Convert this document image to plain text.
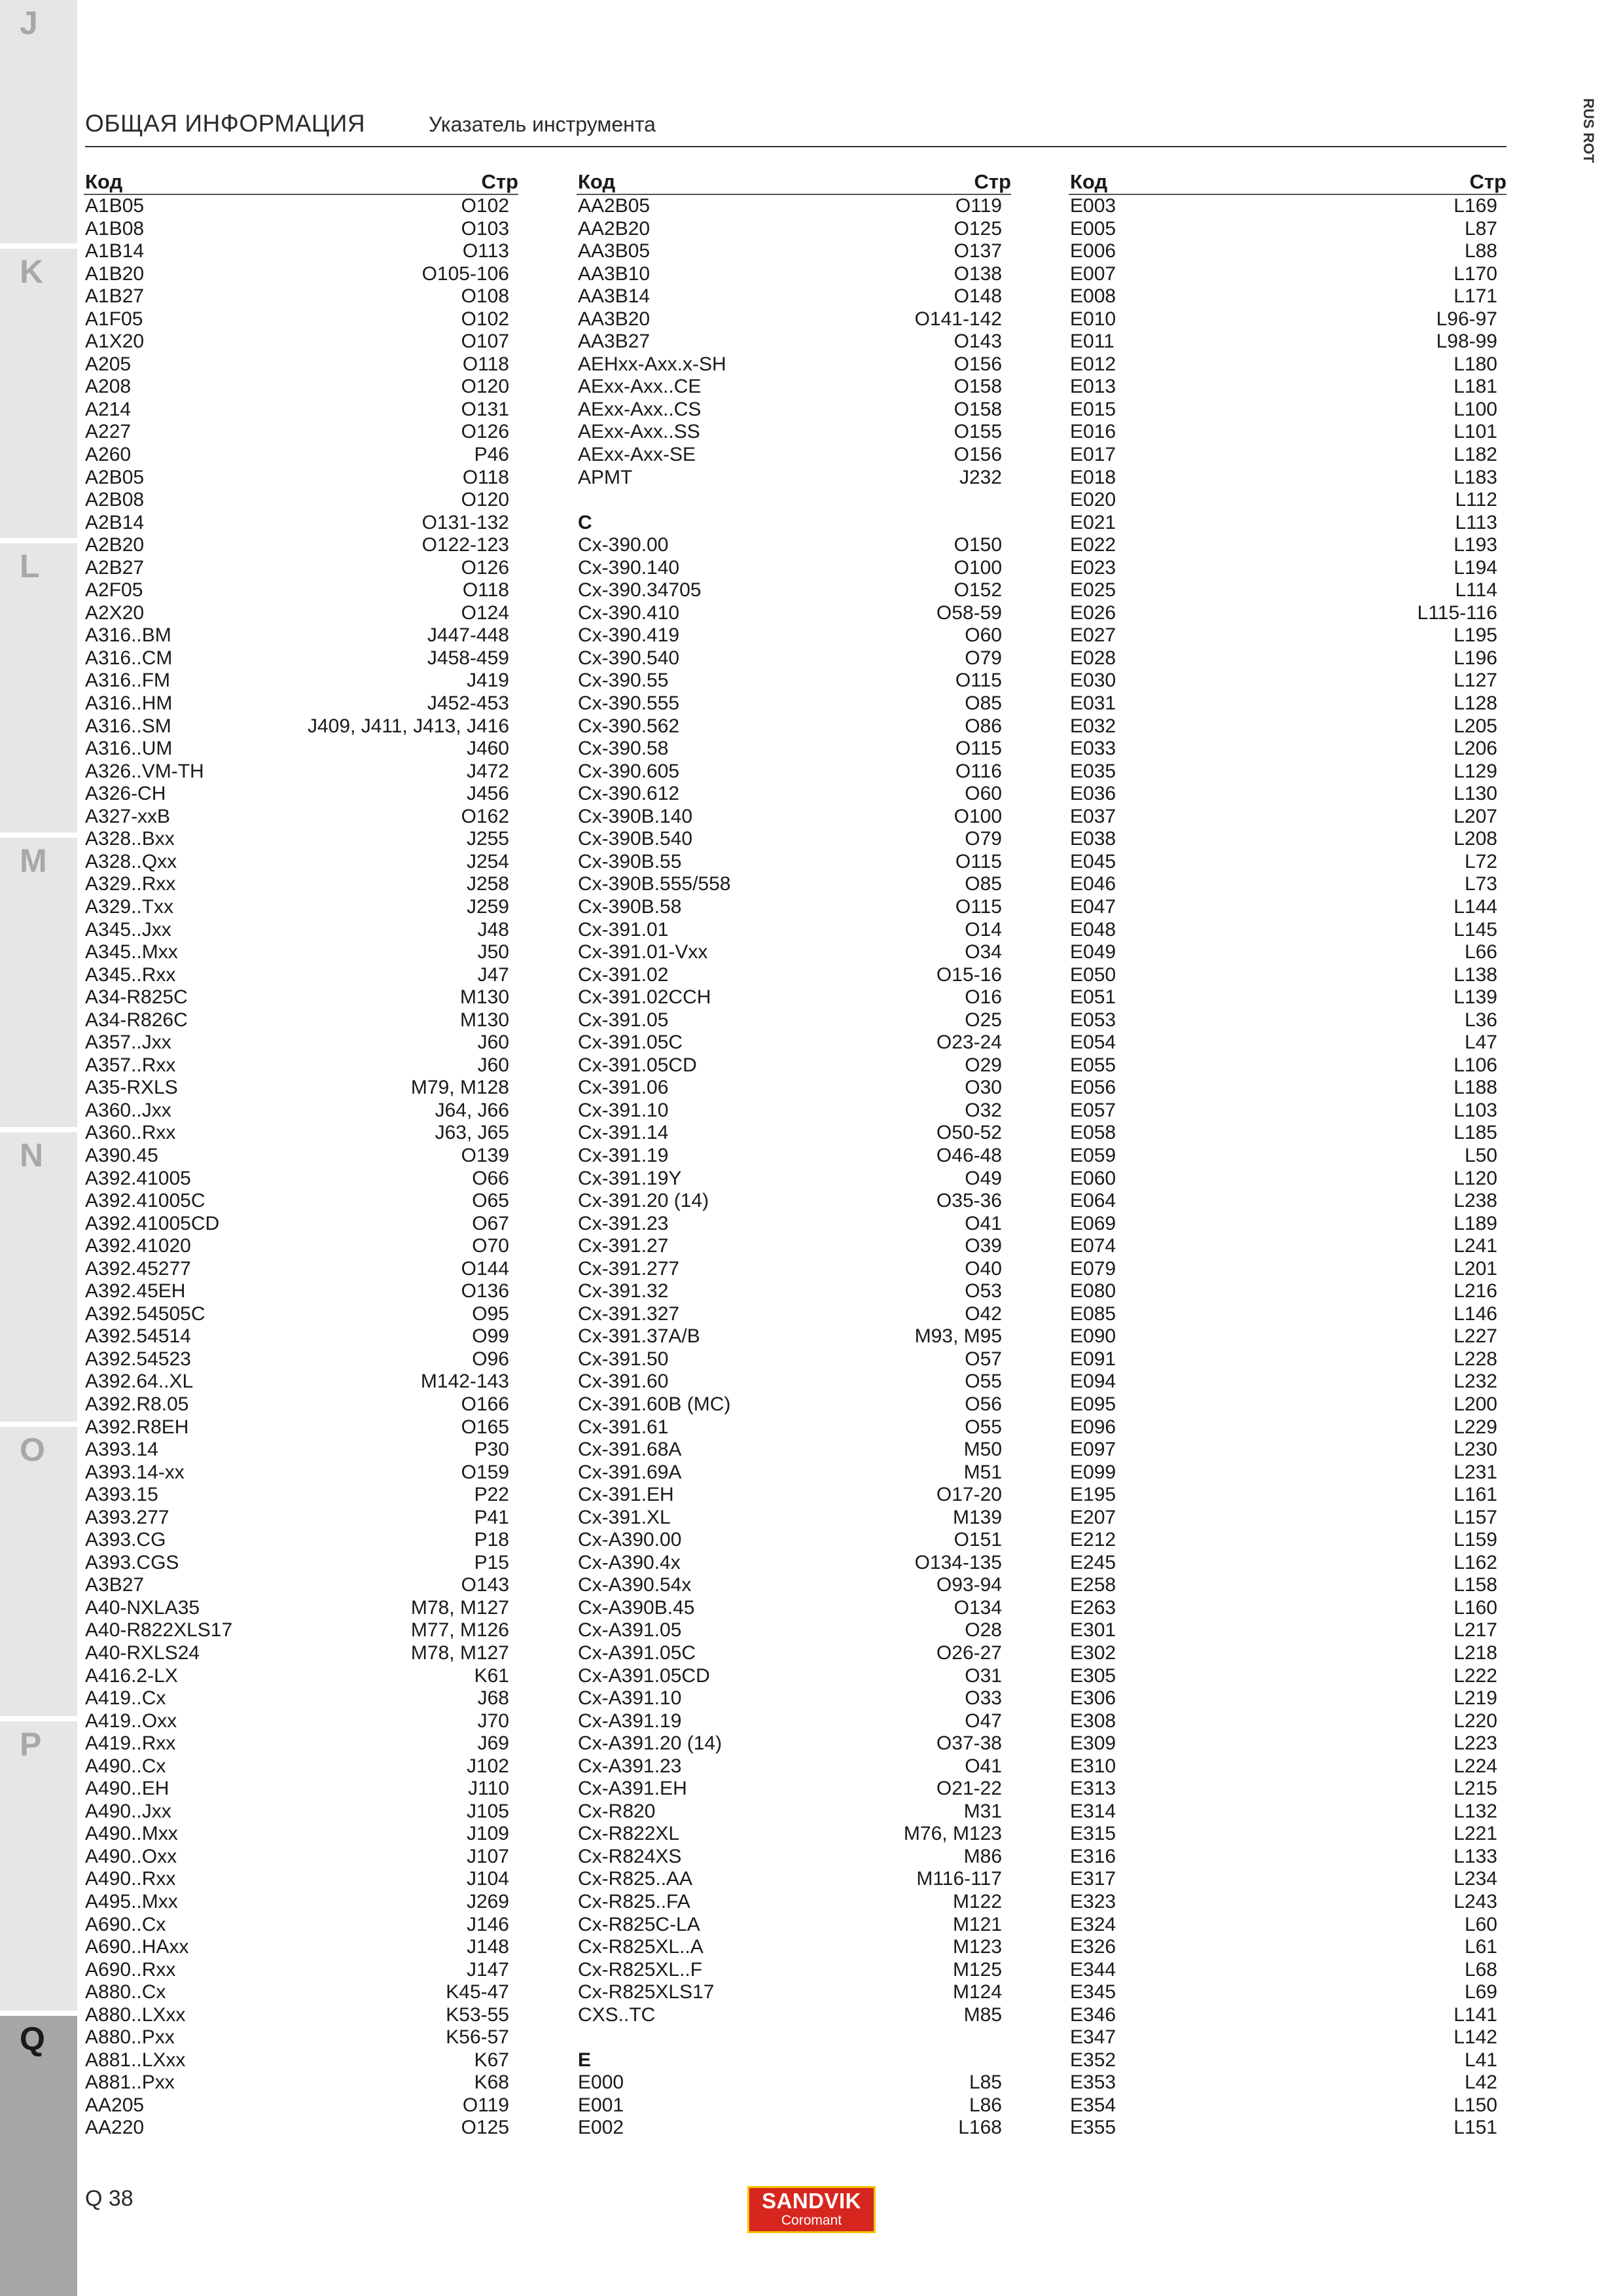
J
K
L
M
N
O
P
Q
RUS ROT
ОБЩАЯ ИНФОРМАЦИЯ	Указатель инструмента
Код	Стр
A1B05	O102
A1B08	O103
A1B14	O113
A1B20	O105-106
A1B27	O108
A1F05	O102
A1X20	O107
A205	O118
A208	O120
A214	O131
A227	O126
A260	P46
A2B05	O118
A2B08	O120
A2B14	O131-132
A2B20	O122-123
A2B27	O126
A2F05	O118
A2X20	O124
A316..BM	J447-448
A316..CM	J458-459
A316..FM	J419
A316..HM	J452-453
A316..SM	J409, J411, J413, J416
A316..UM	J460
A326..VM-TH	J472
A326-CH	J456
A327-xxB	O162
A328..Bxx	J255
A328..Qxx	J254
A329..Rxx	J258
A329..Txx	J259
A345..Jxx	J48
A345..Mxx	J50
A345..Rxx	J47
A34-R825C	M130
A34-R826C	M130
A357..Jxx	J60
A357..Rxx	J60
A35-RXLS	M79, M128
A360..Jxx	J64, J66
A360..Rxx	J63, J65
A390.45	O139
A392.41005	O66
A392.41005C	O65
A392.41005CD	O67
A392.41020	O70
A392.45277	O144
A392.45EH	O136
A392.54505C	O95
A392.54514	O99
A392.54523	O96
A392.64..XL	M142-143
A392.R8.05	O166
A392.R8EH	O165
A393.14	P30
A393.14-xx	O159
A393.15	P22
A393.277	P41
A393.CG	P18
A393.CGS	P15
A3B27	O143
A40-NXLA35	M78, M127
A40-R822XLS17	M77, M126
A40-RXLS24	M78, M127
A416.2-LX	K61
A419..Cx	J68
A419..Oxx	J70
A419..Rxx	J69
A490..Cx	J102
A490..EH	J110
A490..Jxx	J105
A490..Mxx	J109
A490..Oxx	J107
A490..Rxx	J104
A495..Mxx	J269
A690..Cx	J146
A690..HAxx	J148
A690..Rxx	J147
A880..Cx	K45-47
A880..LXxx	K53-55
A880..Pxx	K56-57
A881..LXxx	K67
A881..Pxx	K68
AA205	O119
AA220	O125
Код	Стр
AA2B05	O119
AA2B20	O125
AA3B05	O137
AA3B10	O138
AA3B14	O148
AA3B20	O141-142
AA3B27	O143
AEHxx-Axx.x-SH	O156
AExx-Axx..CE	O158
AExx-Axx..CS	O158
AExx-Axx..SS	O155
AExx-Axx-SE	O156
APMT	J232
C
Cx-390.00	O150
Cx-390.140	O100
Cx-390.34705	O152
Cx-390.410	O58-59
Cx-390.419	O60
Cx-390.540	O79
Cx-390.55	O115
Cx-390.555	O85
Cx-390.562	O86
Cx-390.58	O115
Cx-390.605	O116
Cx-390.612	O60
Cx-390B.140	O100
Cx-390B.540	O79
Cx-390B.55	O115
Cx-390B.555/558	O85
Cx-390B.58	O115
Cx-391.01	O14
Cx-391.01-Vxx	O34
Cx-391.02	O15-16
Cx-391.02CCH	O16
Cx-391.05	O25
Cx-391.05C	O23-24
Cx-391.05CD	O29
Cx-391.06	O30
Cx-391.10	O32
Cx-391.14	O50-52
Cx-391.19	O46-48
Cx-391.19Y	O49
Cx-391.20 (14)	O35-36
Cx-391.23	O41
Cx-391.27	O39
Cx-391.277	O40
Cx-391.32	O53
Cx-391.327	O42
Cx-391.37A/B	M93, M95
Cx-391.50	O57
Cx-391.60	O55
Cx-391.60B (MC)	O56
Cx-391.61	O55
Cx-391.68A	M50
Cx-391.69A	M51
Cx-391.EH	O17-20
Cx-391.XL	M139
Cx-A390.00	O151
Cx-A390.4x	O134-135
Cx-A390.54x	O93-94
Cx-A390B.45	O134
Cx-A391.05	O28
Cx-A391.05C	O26-27
Cx-A391.05CD	O31
Cx-A391.10	O33
Cx-A391.19	O47
Cx-A391.20 (14)	O37-38
Cx-A391.23	O41
Cx-A391.EH	O21-22
Cx-R820	M31
Cx-R822XL	M76, M123
Cx-R824XS	M86
Cx-R825..AA	M116-117
Cx-R825..FA	M122
Cx-R825C-LA	M121
Cx-R825XL..A	M123
Cx-R825XL..F	M125
Cx-R825XLS17	M124
CXS..TC	M85
E
E000	L85
E001	L86
E002	L168
Код	Стр
E003	L169
E005	L87
E006	L88
E007	L170
E008	L171
E010	L96-97
E011	L98-99
E012	L180
E013	L181
E015	L100
E016	L101
E017	L182
E018	L183
E020	L112
E021	L113
E022	L193
E023	L194
E025	L114
E026	L115-116
E027	L195
E028	L196
E030	L127
E031	L128
E032	L205
E033	L206
E035	L129
E036	L130
E037	L207
E038	L208
E045	L72
E046	L73
E047	L144
E048	L145
E049	L66
E050	L138
E051	L139
E053	L36
E054	L47
E055	L106
E056	L188
E057	L103
E058	L185
E059	L50
E060	L120
E064	L238
E069	L189
E074	L241
E079	L201
E080	L216
E085	L146
E090	L227
E091	L228
E094	L232
E095	L200
E096	L229
E097	L230
E099	L231
E195	L161
E207	L157
E212	L159
E245	L162
E258	L158
E263	L160
E301	L217
E302	L218
E305	L222
E306	L219
E308	L220
E309	L223
E310	L224
E313	L215
E314	L132
E315	L221
E316	L133
E317	L234
E323	L243
E324	L60
E326	L61
E344	L68
E345	L69
E346	L141
E347	L142
E352	L41
E353	L42
E354	L150
E355	L151
Q 38	SANDVIK
Coromant
